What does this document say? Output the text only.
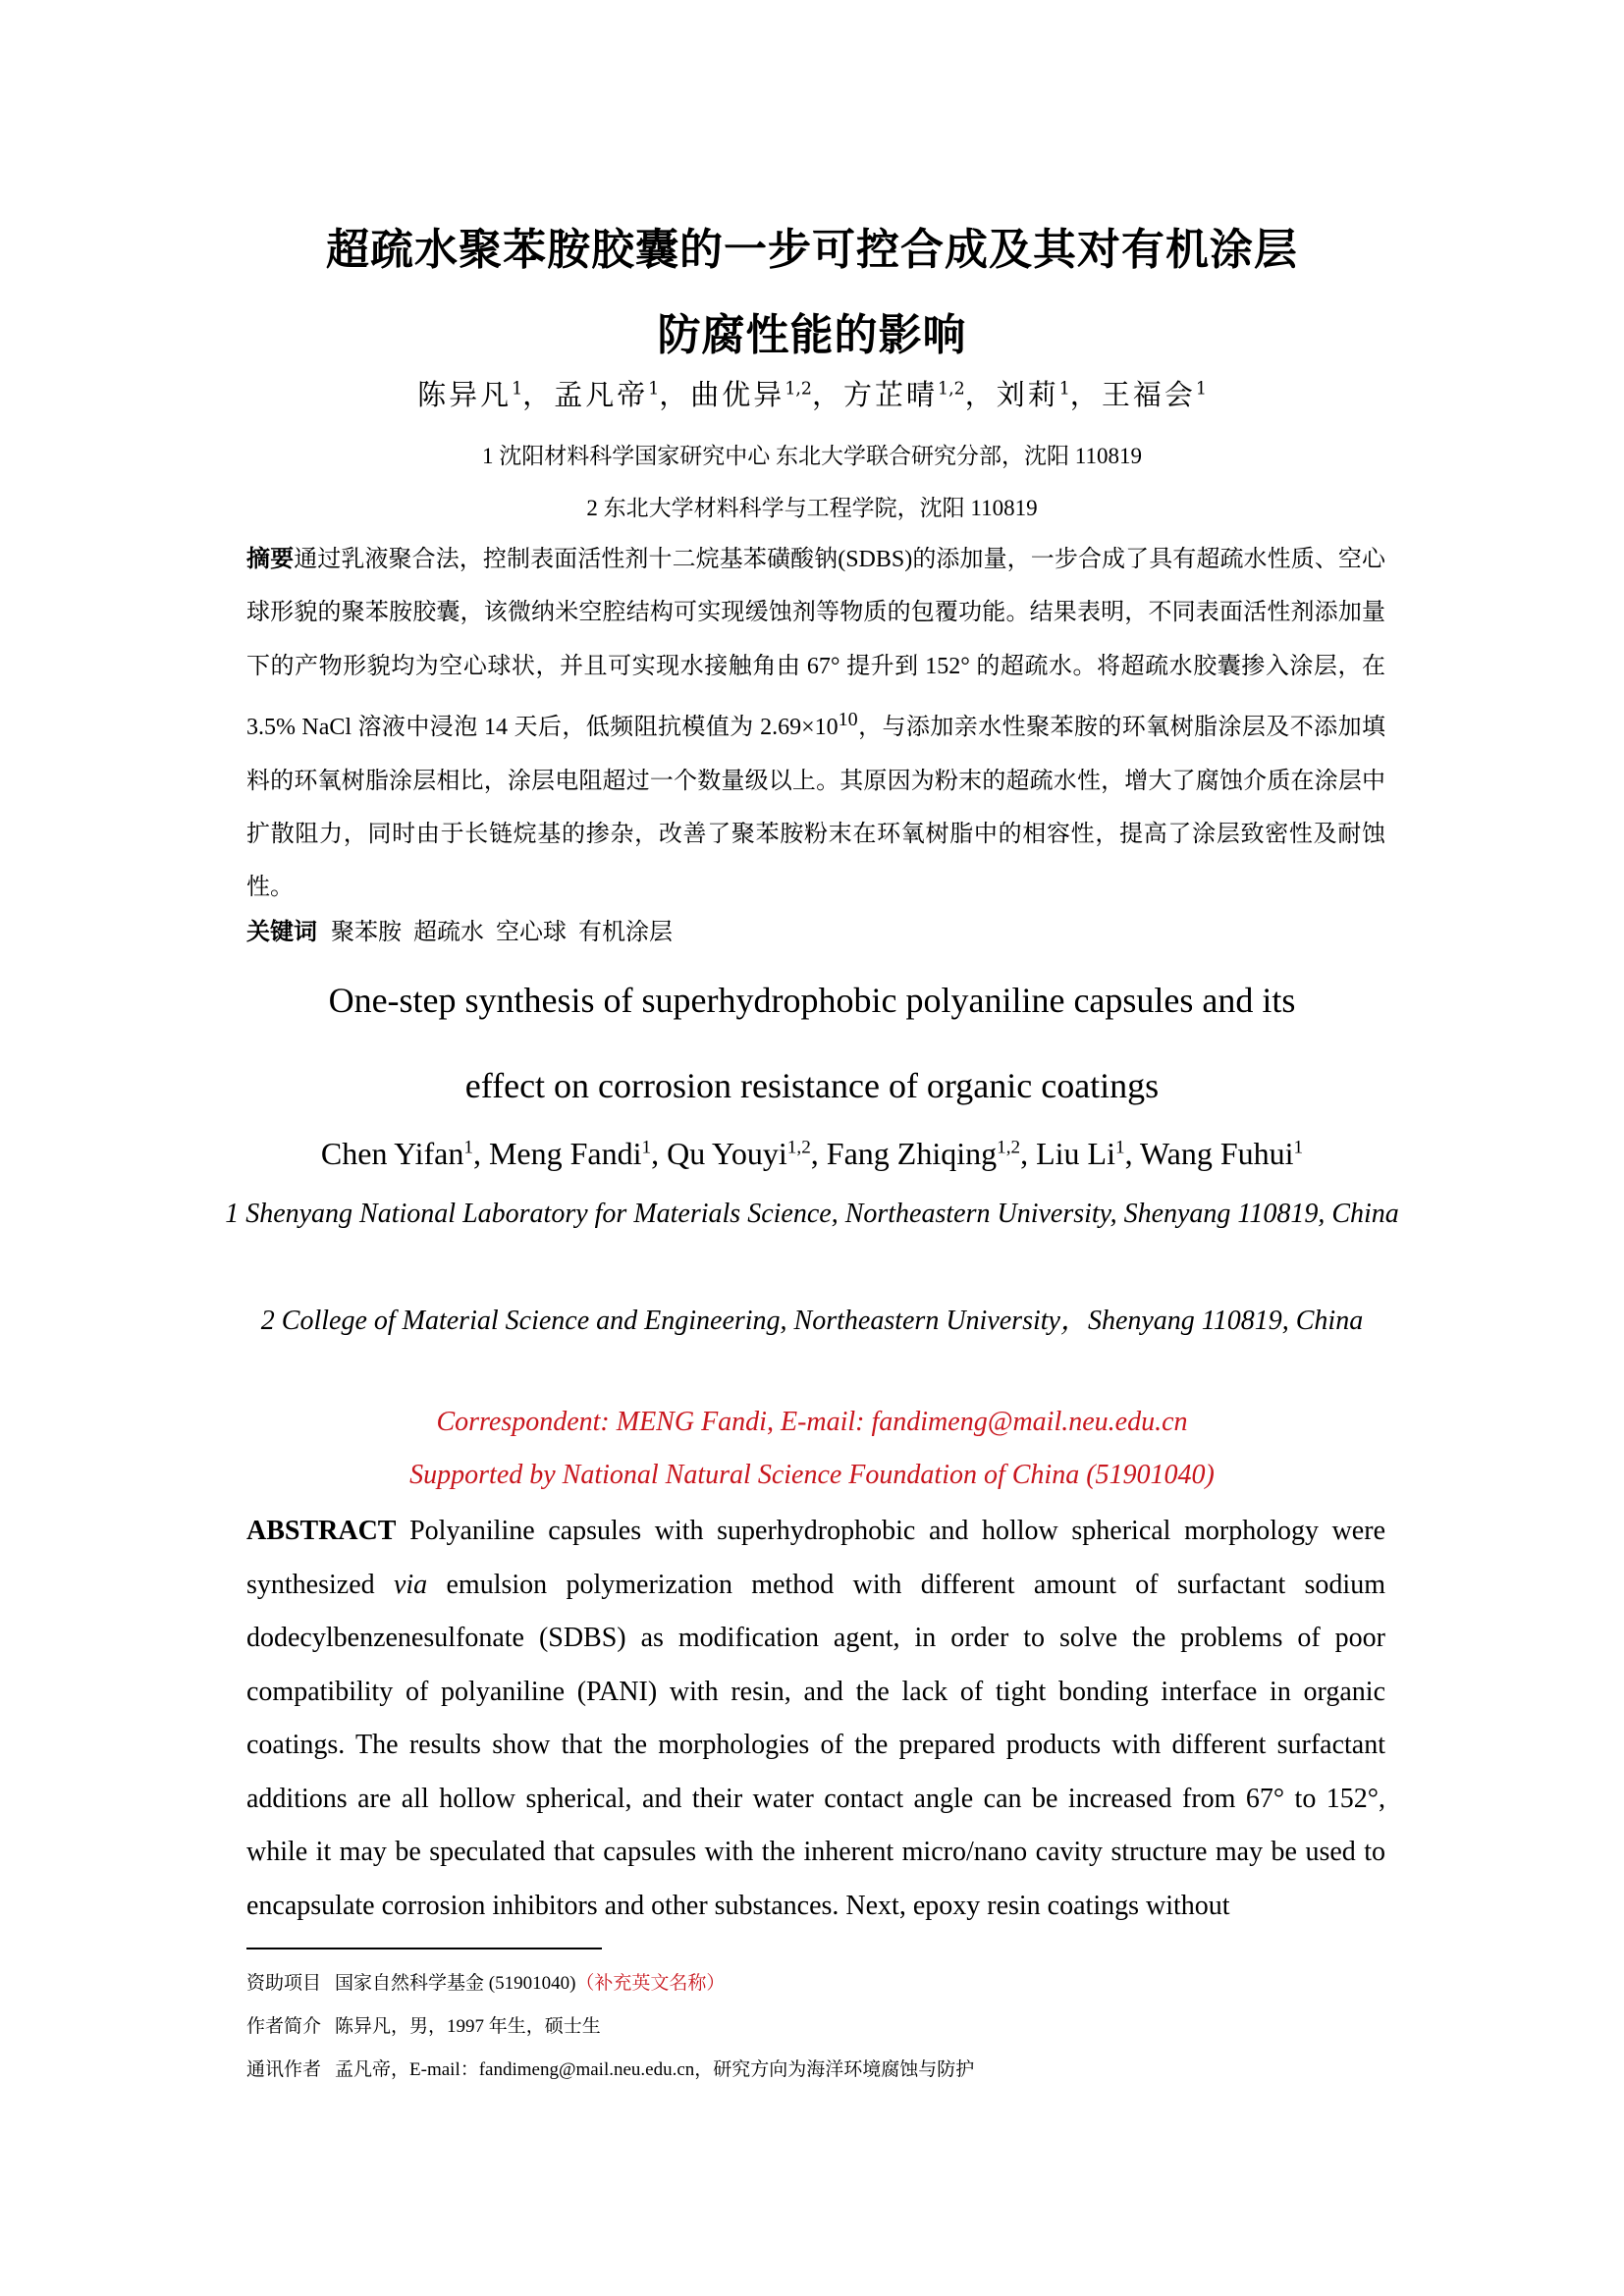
超疏水聚苯胺胶囊的一步可控合成及其对有机涂层
防腐性能的影响
陈异凡$^1$，孟凡帝$^1$，曲优异$^{1,2}$，方芷晴$^{1,2}$，刘莉$^1$，王福会$^1$
1 沈阳材料科学国家研究中心 东北大学联合研究分部，沈阳 110819
2 东北大学材料科学与工程学院，沈阳 110819
摘要通过乳液聚合法，控制表面活性剂十二烷基苯磺酸钠(SDBS)的添加量，一步合成了具有超疏水性质、空心球形貌的聚苯胺胶囊，该微纳米空腔结构可实现缓蚀剂等物质的包覆功能。结果表明，不同表面活性剂添加量下的产物形貌均为空心球状，并且可实现水接触角由 67° 提升到 152° 的超疏水。将超疏水胶囊掺入涂层，在 3.5% NaCl 溶液中浸泡 14 天后，低频阻抗模值为 $2.69\times 10^{10}$，与添加亲水性聚苯胺的环氧树脂涂层及不添加填料的环氧树脂涂层相比，涂层电阻超过一个数量级以上。其原因为粉末的超疏水性，增大了腐蚀介质在涂层中扩散阻力，同时由于长链烷基的掺杂，改善了聚苯胺粉末在环氧树脂中的相容性，提高了涂层致密性及耐蚀性。
关键词 聚苯胺 超疏水 空心球 有机涂层
One-step synthesis of superhydrophobic polyaniline capsules and its
effect on corrosion resistance of organic coatings
Chen Yifan$^1$, Meng Fandi$^1$, Qu Youyi$^{1,2}$, Fang Zhiqing$^{1,2}$, Liu Li$^1$, Wang Fuhui$^1$
1 Shenyang National Laboratory for Materials Science, Northeastern University, Shenyang 110819, China
2 College of Material Science and Engineering, Northeastern University，Shenyang 110819, China
Correspondent: MENG Fandi, E-mail: fandimeng@mail.neu.edu.cn
Supported by National Natural Science Foundation of China (51901040)
ABSTRACT Polyaniline capsules with superhydrophobic and hollow spherical morphology were synthesized via emulsion polymerization method with different amount of surfactant sodium dodecylbenzenesulfonate (SDBS) as modification agent, in order to solve the problems of poor compatibility of polyaniline (PANI) with resin, and the lack of tight bonding interface in organic coatings. The results show that the morphologies of the prepared products with different surfactant additions are all hollow spherical, and their water contact angle can be increased from 67° to 152°, while it may be speculated that capsules with the inherent micro/nano cavity structure may be used to encapsulate corrosion inhibitors and other substances. Next, epoxy resin coatings without
资助项目 国家自然科学基金 (51901040)（补充英文名称）
作者简介 陈异凡，男，1997 年生，硕士生
通讯作者 孟凡帝，E-mail：fandimeng@mail.neu.edu.cn，研究方向为海洋环境腐蚀与防护
